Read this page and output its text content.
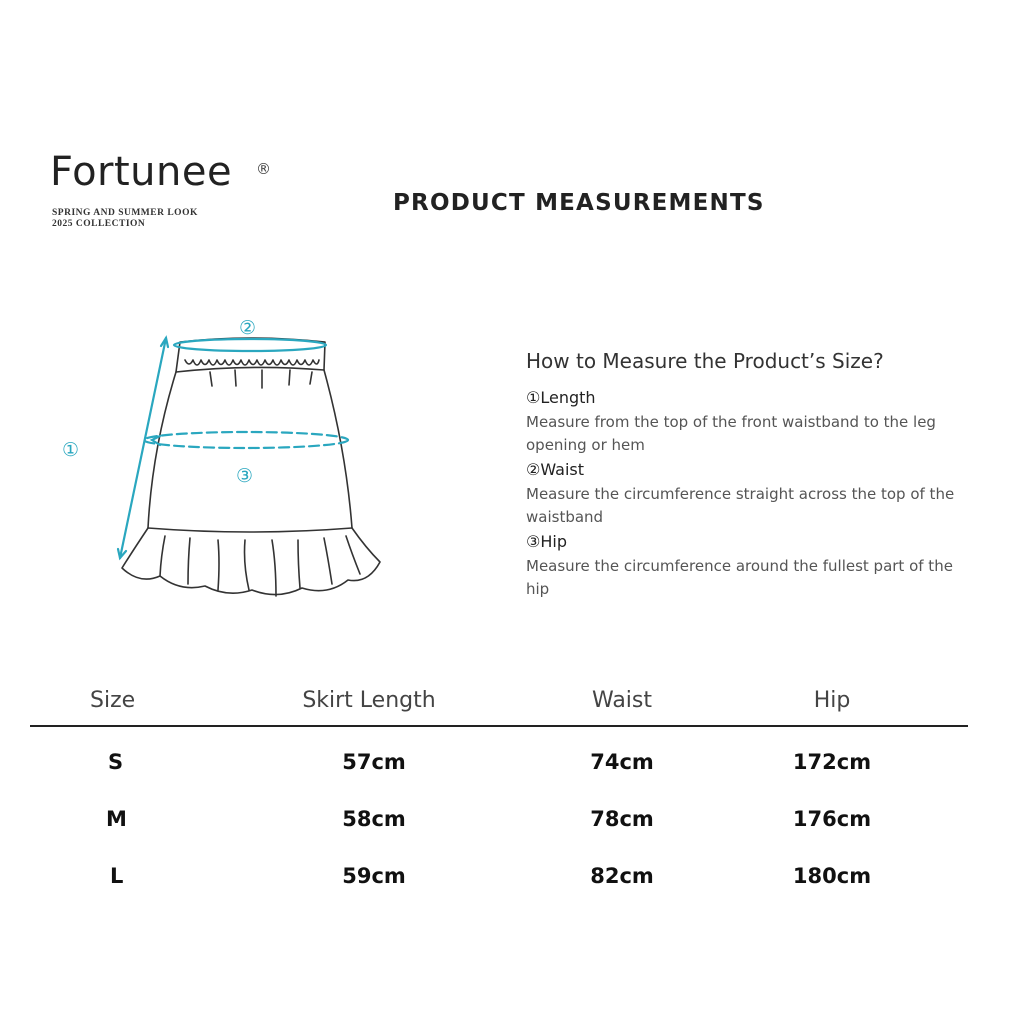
Fortunee ®
SPRING AND SUMMER LOOK
2025 COLLECTION
PRODUCT MEASUREMENTS
①
②
③

How to Measure the Product’s Size?

①Length

Measure from the top of the front waistband to the leg opening or hem

②Waist

Measure the circumference straight across the top of the waistband

③Hip

Measure the circumference around the fullest part of the hip

Size	Skirt Length	Waist	Hip
S	57cm	74cm	172cm
M	58cm	78cm	176cm
L	59cm	82cm	180cm
